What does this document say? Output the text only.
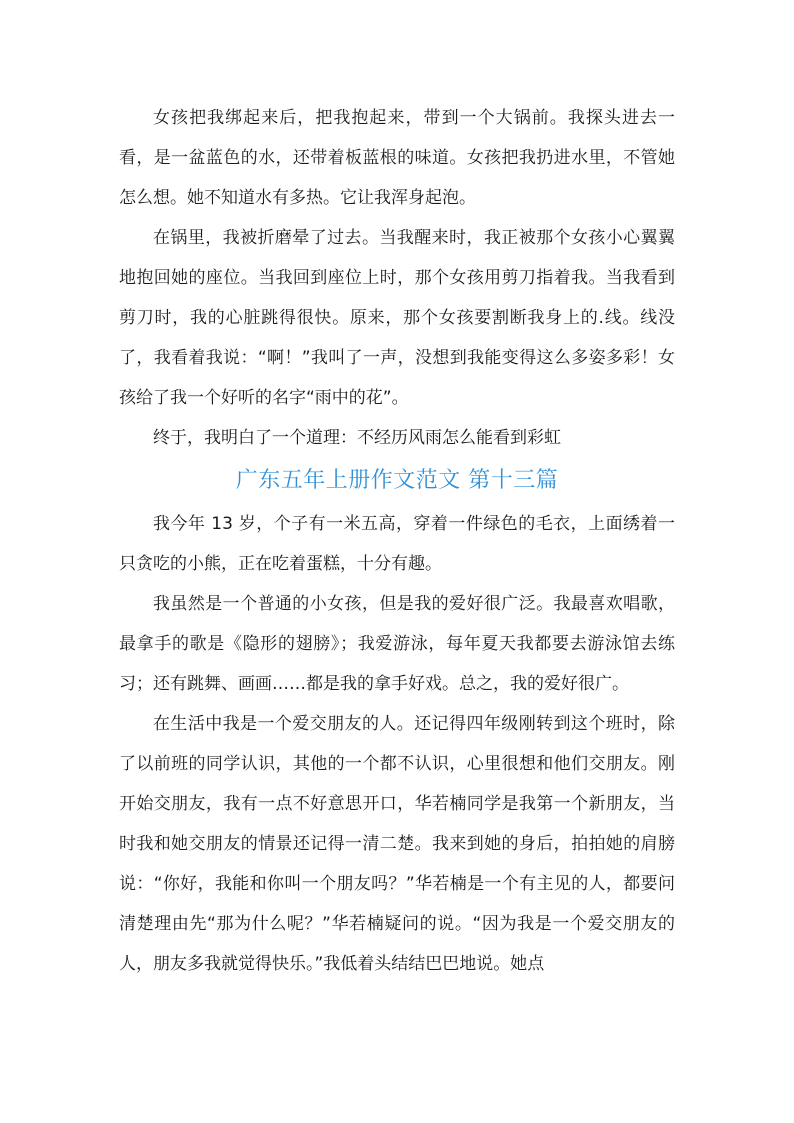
女孩把我绑起来后，把我抱起来，带到一个大锅前。我探头进去一看，是一盆蓝色的水，还带着板蓝根的味道。女孩把我扔进水里，不管她怎么想。她不知道水有多热。它让我浑身起泡。

在锅里，我被折磨晕了过去。当我醒来时，我正被那个女孩小心翼翼地抱回她的座位。当我回到座位上时，那个女孩用剪刀指着我。当我看到剪刀时，我的心脏跳得很快。原来，那个女孩要割断我身上的.线。线没了，我看着我说：“啊！”我叫了一声，没想到我能变得这么多姿多彩！女孩给了我一个好听的名字“雨中的花”。

终于，我明白了一个道理：不经历风雨怎么能看到彩虹

广东五年上册作文范文 第十三篇

我今年 13 岁，个子有一米五高，穿着一件绿色的毛衣，上面绣着一只贪吃的小熊，正在吃着蛋糕，十分有趣。

我虽然是一个普通的小女孩，但是我的爱好很广泛。我最喜欢唱歌，最拿手的歌是《隐形的翅膀》；我爱游泳，每年夏天我都要去游泳馆去练习；还有跳舞、画画……都是我的拿手好戏。总之，我的爱好很广。

在生活中我是一个爱交朋友的人。还记得四年级刚转到这个班时，除了以前班的同学认识，其他的一个都不认识，心里很想和他们交朋友。刚开始交朋友，我有一点不好意思开口，华若楠同学是我第一个新朋友，当时我和她交朋友的情景还记得一清二楚。我来到她的身后，拍拍她的肩膀说：“你好，我能和你叫一个朋友吗？”华若楠是一个有主见的人，都要问清楚理由先“那为什么呢？”华若楠疑问的说。“因为我是一个爱交朋友的人，朋友多我就觉得快乐。”我低着头结结巴巴地说。她点
